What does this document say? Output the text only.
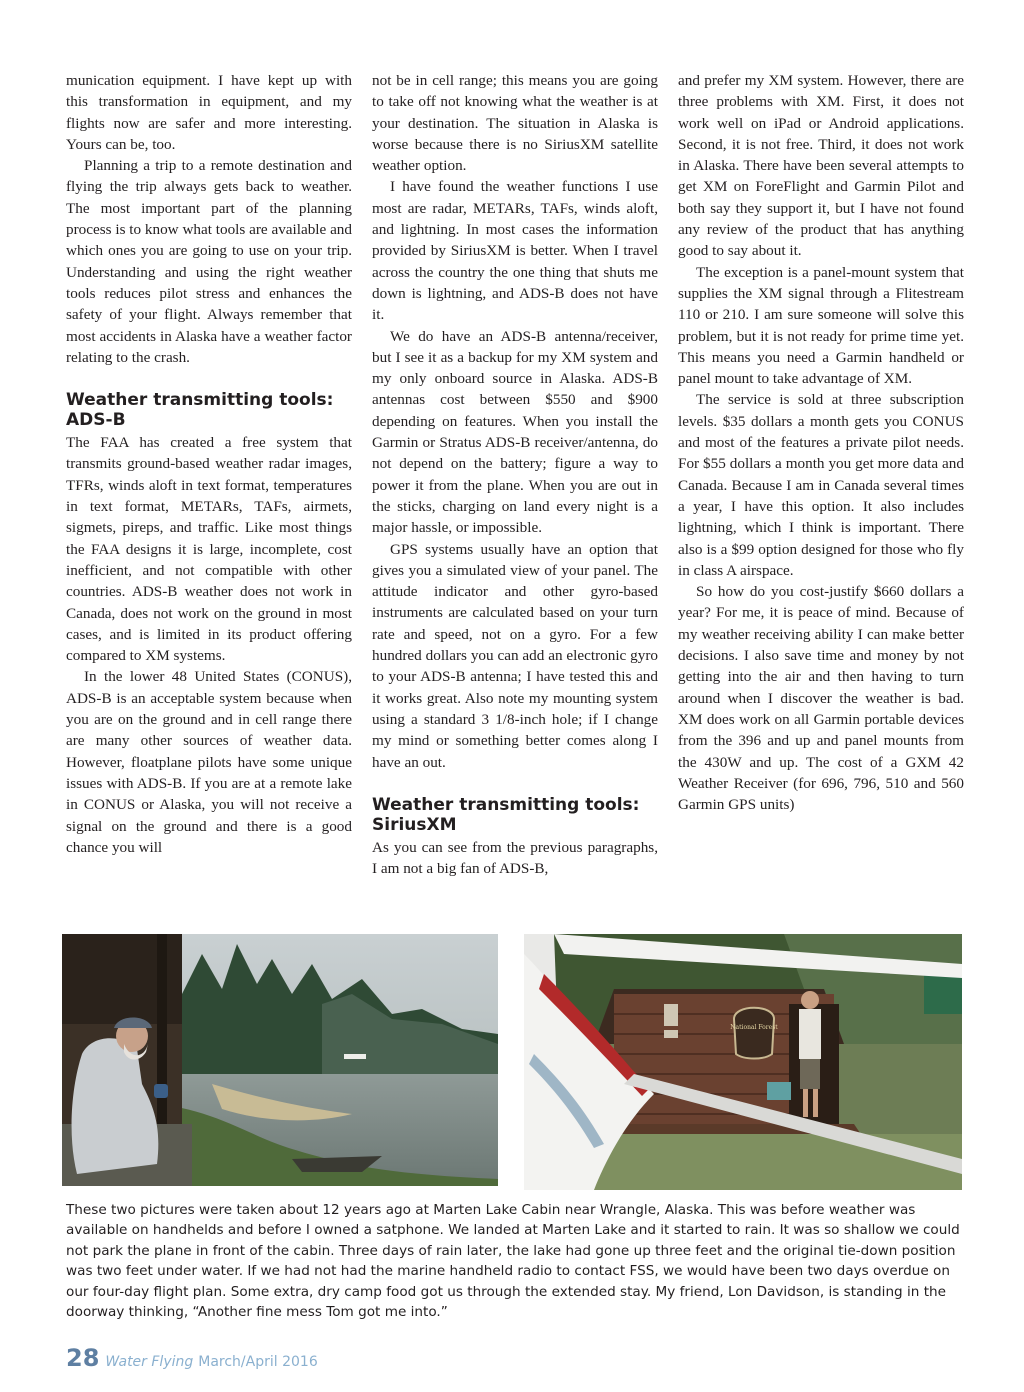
munication equipment. I have kept up with this transformation in equipment, and my flights now are safer and more interesting. Yours can be, too.

Planning a trip to a remote destination and flying the trip always gets back to weather. The most important part of the planning process is to know what tools are available and which ones you are going to use on your trip. Understanding and using the right weather tools reduces pilot stress and enhances the safety of your flight. Always remember that most accidents in Alaska have a weather factor relating to the crash.

Weather transmitting tools: ADS-B

The FAA has created a free system that transmits ground-based weather radar images, TFRs, winds aloft in text format, temperatures in text format, METARs, TAFs, airmets, sigmets, pireps, and traffic. Like most things the FAA designs it is large, incomplete, cost inefficient, and not compatible with other countries. ADS-B weather does not work in Canada, does not work on the ground in most cases, and is limited in its product offering compared to XM systems.

In the lower 48 United States (CONUS), ADS-B is an acceptable system because when you are on the ground and in cell range there are many other sources of weather data. However, floatplane pilots have some unique issues with ADS-B. If you are at a remote lake in CONUS or Alaska, you will not receive a signal on the ground and there is a good chance you will

not be in cell range; this means you are going to take off not knowing what the weather is at your destination. The situation in Alaska is worse because there is no SiriusXM satellite weather option.

I have found the weather functions I use most are radar, METARs, TAFs, winds aloft, and lightning. In most cases the information provided by SiriusXM is better. When I travel across the country the one thing that shuts me down is lightning, and ADS-B does not have it.

We do have an ADS-B antenna/receiver, but I see it as a backup for my XM system and my only onboard source in Alaska. ADS-B antennas cost between $550 and $900 depending on features. When you install the Garmin or Stratus ADS-B receiver/antenna, do not depend on the battery; figure a way to power it from the plane. When you are out in the sticks, charging on land every night is a major hassle, or impossible.

GPS systems usually have an option that gives you a simulated view of your panel. The attitude indicator and other gyro-based instruments are calculated based on your turn rate and speed, not on a gyro. For a few hundred dollars you can add an electronic gyro to your ADS-B antenna; I have tested this and it works great. Also note my mounting system using a standard 3 1/8-inch hole; if I change my mind or something better comes along I have an out.

Weather transmitting tools: SiriusXM

As you can see from the previous paragraphs, I am not a big fan of ADS-B,

and prefer my XM system. However, there are three problems with XM. First, it does not work well on iPad or Android applications. Second, it is not free. Third, it does not work in Alaska. There have been several attempts to get XM on ForeFlight and Garmin Pilot and both say they support it, but I have not found any review of the product that has anything good to say about it.

The exception is a panel-mount system that supplies the XM signal through a Flitestream 110 or 210. I am sure someone will solve this problem, but it is not ready for prime time yet. This means you need a Garmin handheld or panel mount to take advantage of XM.

The service is sold at three subscription levels. $35 dollars a month gets you CONUS and most of the features a private pilot needs. For $55 dollars a month you get more data and Canada. Because I am in Canada several times a year, I have this option. It also includes lightning, which I think is important. There also is a $99 option designed for those who fly in class A airspace.

So how do you cost-justify $660 dollars a year? For me, it is peace of mind. Because of my weather receiving ability I can make better decisions. I also save time and money by not getting into the air and then having to turn around when I discover the weather is bad. XM does work on all Garmin portable devices from the 396 and up and panel mounts from the 430W and up. The cost of a GXM 42 Weather Receiver (for 696, 796, 510 and 560 Garmin GPS units)

National Forest
These two pictures were taken about 12 years ago at Marten Lake Cabin near Wrangle, Alaska. This was before weather was available on handhelds and before I owned a satphone. We landed at Marten Lake and it started to rain. It was so shallow we could not park the plane in front of the cabin. Three days of rain later, the lake had gone up three feet and the original tie-down position was two feet under water. If we had not had the marine handheld radio to contact FSS, we would have been two days overdue on our four-day flight plan. Some extra, dry camp food got us through the extended stay. My friend, Lon Davidson, is standing in the doorway thinking, “Another fine mess Tom got me into.”
28 Water Flying March/April 2016
